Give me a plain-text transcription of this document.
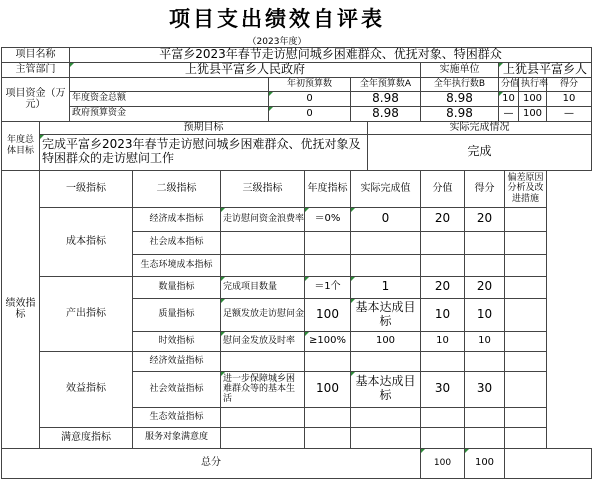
项目支出绩效自评表
（2023年度）
项目名称		平富乡2023年春节走访慰问城乡困难群众、优抚对象、特困群众												
主管部门		上犹县平富乡人民政府							实施单位		上犹县平富乡人			
项目资金（万元）					年初预算数		全年预算数A		全年执行数B		分值		执行率	得分
		年度资金总额			0		8.98		8.98		10		100	10
		政府预算资金			0		8.98		8.98		—		100	—
年度总体目标	预期目标							实际完成情况						
	完成平富乡2023年春节走访慰问城乡困难群众、优抚对象及特困群众的走访慰问工作							完成						
绩效指标	一级指标		二级指标	三级指标		年度指标	实际完成值		分值	得分		偏差原因分析及改进措施		
	成本指标		经济成本指标	走访慰问资金浪费率		＝0%	0		20	20				
			社会成本指标											
			生态环境成本指标											
	产出指标		数量指标	完成项目数量		＝1个	1		20	20				
			质量指标	足额发放走访慰问金		100	基本达成目标		10	10				
			时效指标	慰问金发放及时率		≥100%	100		10	10				
	效益指标		经济效益指标											
			社会效益指标	进一步保障城乡困难群众等的基本生活		100	基本达成目标		30	30				
			生态效益指标											
	满意度指标		服务对象满意度											
总分									100	100				
